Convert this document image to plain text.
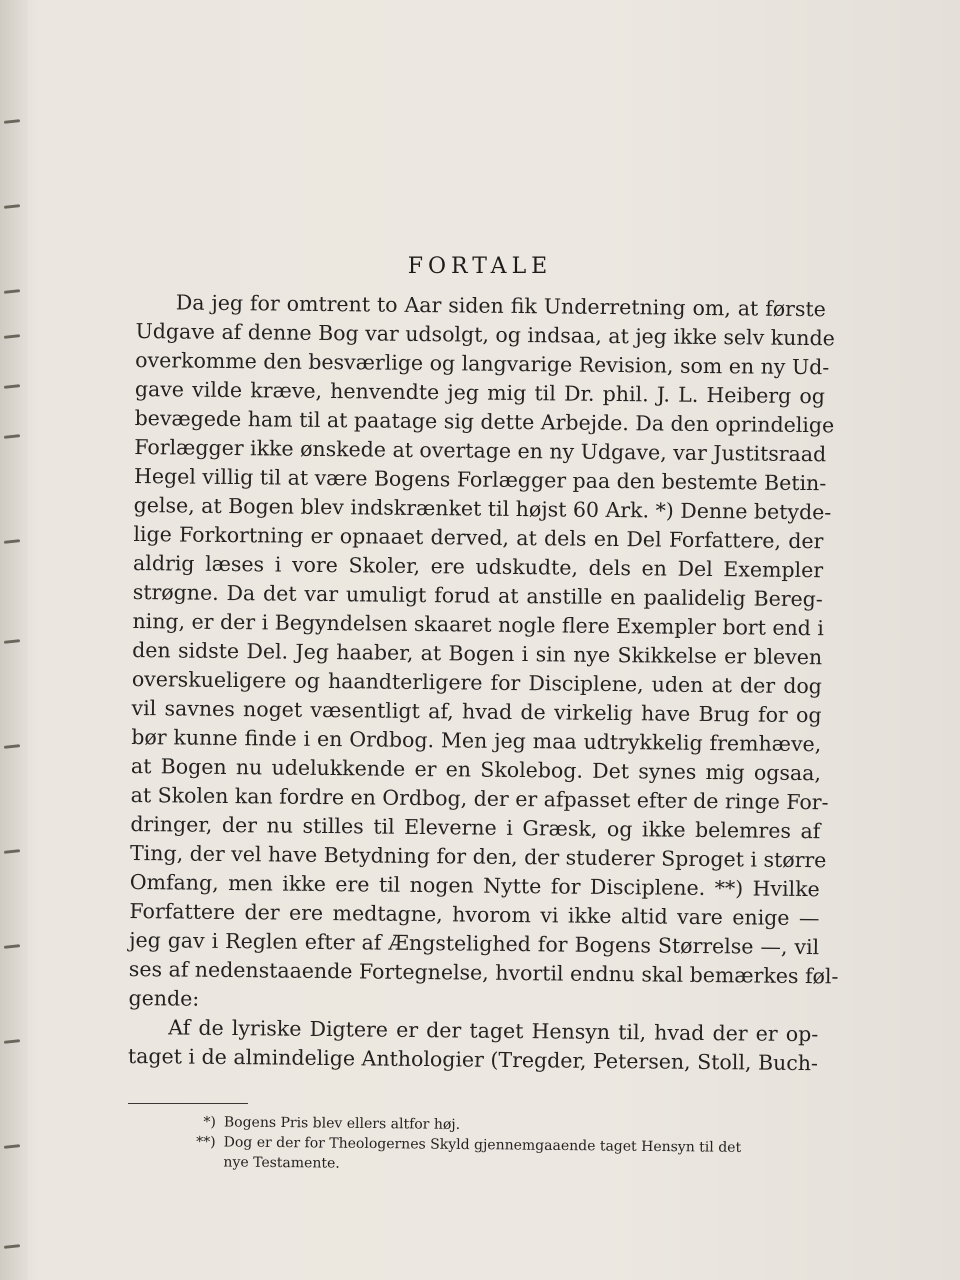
FORTALE
Da jeg for omtrent to Aar siden fik Underretning om, at første
Udgave af denne Bog var udsolgt, og indsaa, at jeg ikke selv kunde
overkomme den besværlige og langvarige Revision, som en ny Ud-
gave vilde kræve, henvendte jeg mig til Dr. phil. J. L. Heiberg og
bevægede ham til at paatage sig dette Arbejde. Da den oprindelige
Forlægger ikke ønskede at overtage en ny Udgave, var Justitsraad
Hegel villig til at være Bogens Forlægger paa den bestemte Betin-
gelse, at Bogen blev indskrænket til højst 60 Ark. *) Denne betyde-
lige Forkortning er opnaaet derved, at dels en Del Forfattere, der
aldrig læses i vore Skoler, ere udskudte, dels en Del Exempler
strøgne. Da det var umuligt forud at anstille en paalidelig Bereg-
ning, er der i Begyndelsen skaaret nogle flere Exempler bort end i
den sidste Del. Jeg haaber, at Bogen i sin nye Skikkelse er bleven
overskueligere og haandterligere for Disciplene, uden at der dog
vil savnes noget væsentligt af, hvad de virkelig have Brug for og
bør kunne finde i en Ordbog. Men jeg maa udtrykkelig fremhæve,
at Bogen nu udelukkende er en Skolebog. Det synes mig ogsaa,
at Skolen kan fordre en Ordbog, der er afpasset efter de ringe For-
dringer, der nu stilles til Eleverne i Græsk, og ikke belemres af
Ting, der vel have Betydning for den, der studerer Sproget i større
Omfang, men ikke ere til nogen Nytte for Disciplene. **) Hvilke
Forfattere der ere medtagne, hvorom vi ikke altid vare enige —
jeg gav i Reglen efter af Ængstelighed for Bogens Størrelse —, vil
ses af nedenstaaende Fortegnelse, hvortil endnu skal bemærkes føl-
gende:
Af de lyriske Digtere er der taget Hensyn til, hvad der er op-
taget i de almindelige Anthologier (Tregder, Petersen, Stoll, Buch-
*) Bogens Pris blev ellers altfor høj.
**) Dog er der for Theologernes Skyld gjennemgaaende taget Hensyn til det
nye Testamente.
